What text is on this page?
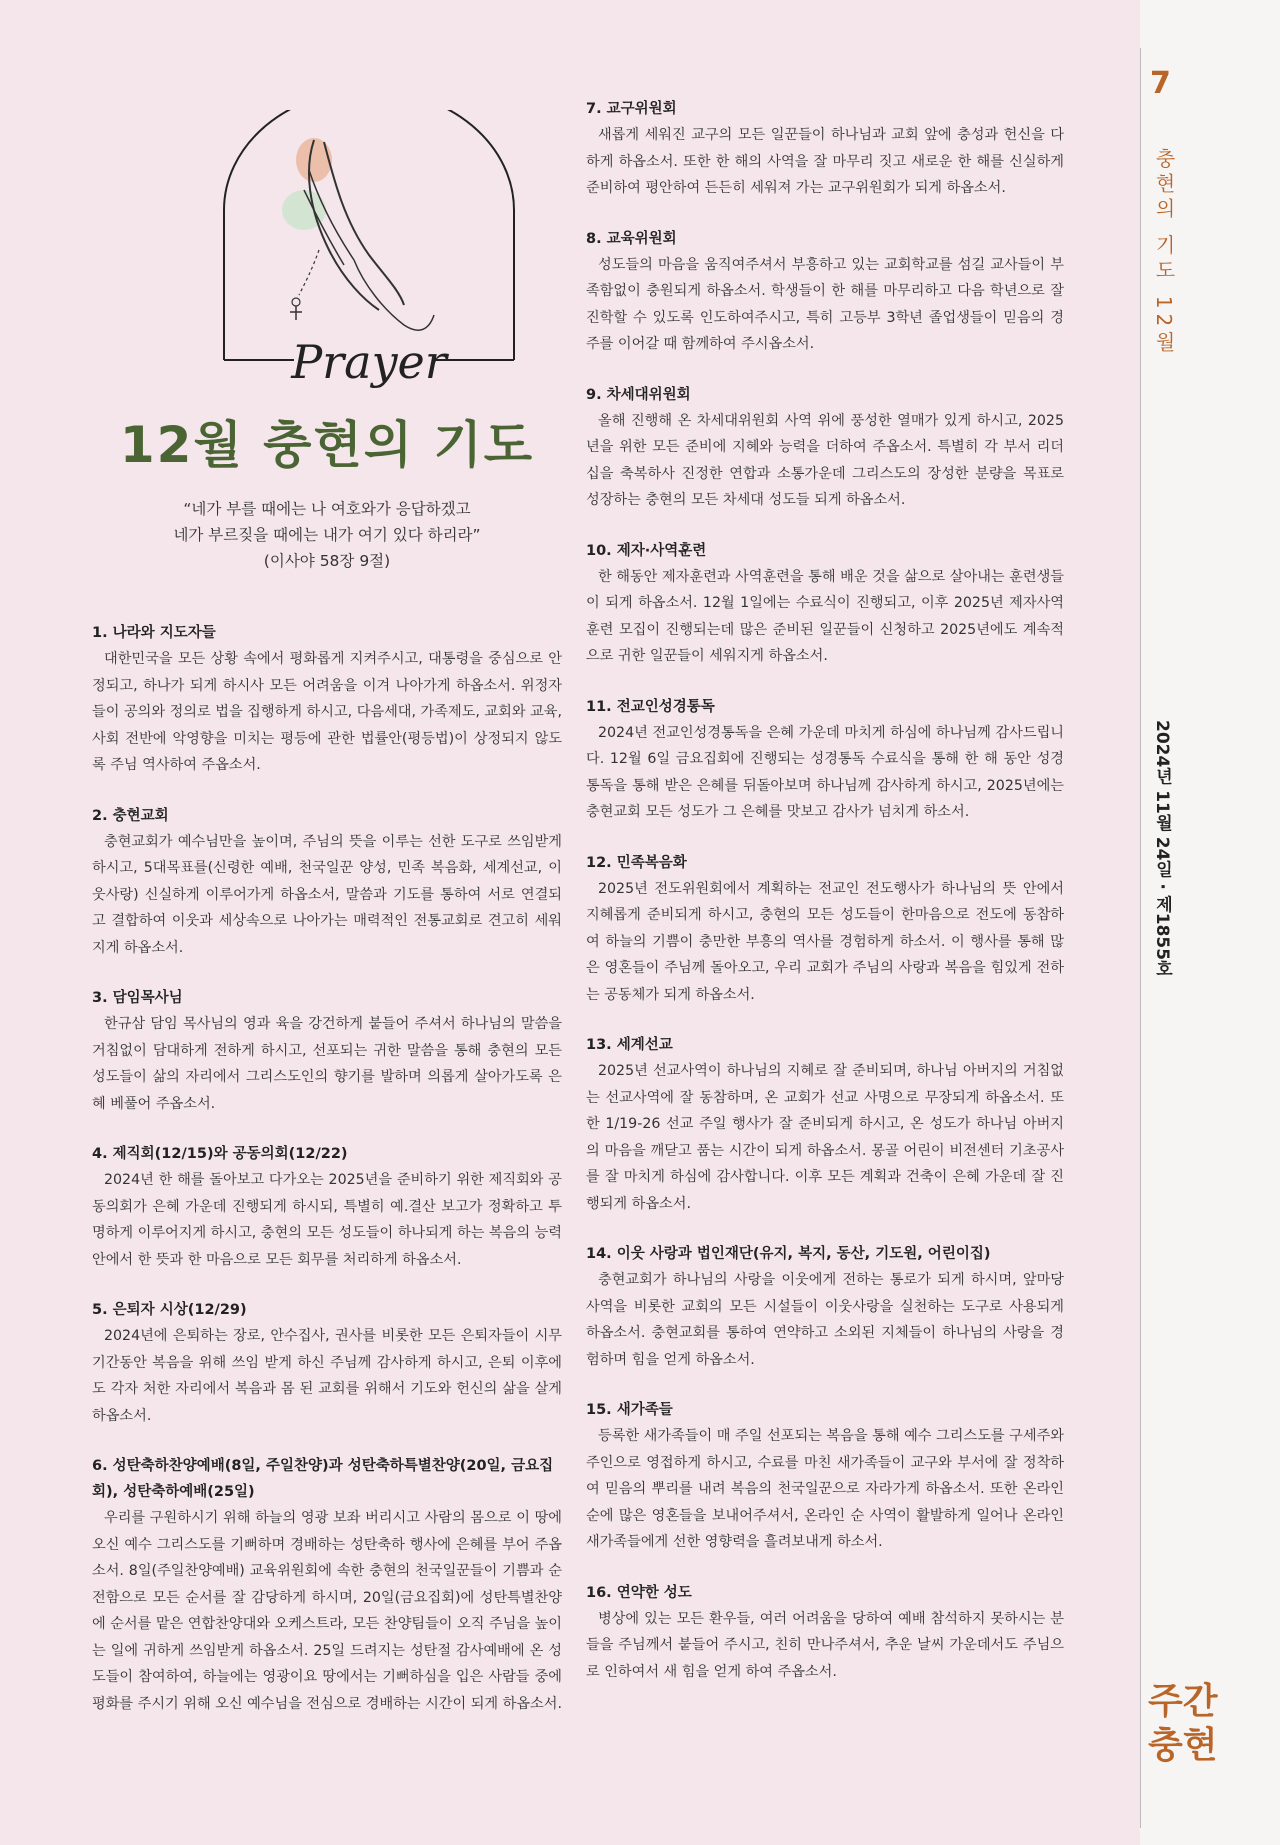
Prayer
12월 충현의 기도
“네가 부를 때에는 나 여호와가 응답하겠고
네가 부르짖을 때에는 내가 여기 있다 하리라”
(이사야 58장 9절)
1. 나라와 지도자들
대한민국을 모든 상황 속에서 평화롭게 지켜주시고, 대통령을 중심으로 안정되고, 하나가 되게 하시사 모든 어려움을 이겨 나아가게 하옵소서. 위정자들이 공의와 정의로 법을 집행하게 하시고, 다음세대, 가족제도, 교회와 교육, 사회 전반에 악영향을 미치는 평등에 관한 법률안(평등법)이 상정되지 않도록 주님 역사하여 주옵소서.
2. 충현교회
충현교회가 예수님만을 높이며, 주님의 뜻을 이루는 선한 도구로 쓰임받게 하시고, 5대목표를(신령한 예배, 천국일꾼 양성, 민족 복음화, 세계선교, 이웃사랑) 신실하게 이루어가게 하옵소서, 말씀과 기도를 통하여 서로 연결되고 결합하여 이웃과 세상속으로 나아가는 매력적인 전통교회로 견고히 세워지게 하옵소서.
3. 담임목사님
한규삼 담임 목사님의 영과 육을 강건하게 붙들어 주셔서 하나님의 말씀을 거침없이 담대하게 전하게 하시고, 선포되는 귀한 말씀을 통해 충현의 모든 성도들이 삶의 자리에서 그리스도인의 향기를 발하며 의롭게 살아가도록 은혜 베풀어 주옵소서.
4. 제직회(12/15)와 공동의회(12/22)
2024년 한 해를 돌아보고 다가오는 2025년을 준비하기 위한 제직회와 공동의회가 은혜 가운데 진행되게 하시되, 특별히 예.결산 보고가 정확하고 투명하게 이루어지게 하시고, 충현의 모든 성도들이 하나되게 하는 복음의 능력 안에서 한 뜻과 한 마음으로 모든 회무를 처리하게 하옵소서.
5. 은퇴자 시상(12/29)
2024년에 은퇴하는 장로, 안수집사, 권사를 비롯한 모든 은퇴자들이 시무기간동안 복음을 위해 쓰임 받게 하신 주님께 감사하게 하시고, 은퇴 이후에도 각자 처한 자리에서 복음과 몸 된 교회를 위해서 기도와 헌신의 삶을 살게 하옵소서.
6. 성탄축하찬양예배(8일, 주일찬양)과 성탄축하특별찬양(20일, 금요집회), 성탄축하예배(25일)
우리를 구원하시기 위해 하늘의 영광 보좌 버리시고 사람의 몸으로 이 땅에 오신 예수 그리스도를 기뻐하며 경배하는 성탄축하 행사에 은혜를 부어 주옵소서. 8일(주일찬양예배) 교육위원회에 속한 충현의 천국일꾼들이 기쁨과 순전함으로 모든 순서를 잘 감당하게 하시며, 20일(금요집회)에 성탄특별찬양에 순서를 맡은 연합찬양대와 오케스트라, 모든 찬양팀들이 오직 주님을 높이는 일에 귀하게 쓰임받게 하옵소서. 25일 드려지는 성탄절 감사예배에 온 성도들이 참여하여, 하늘에는 영광이요 땅에서는 기뻐하심을 입은 사람들 중에 평화를 주시기 위해 오신 예수님을 전심으로 경배하는 시간이 되게 하옵소서.
7. 교구위원회
새롭게 세워진 교구의 모든 일꾼들이 하나님과 교회 앞에 충성과 헌신을 다하게 하옵소서. 또한 한 해의 사역을 잘 마무리 짓고 새로운 한 해를 신실하게 준비하여 평안하여 든든히 세워져 가는 교구위원회가 되게 하옵소서.
8. 교육위원회
성도들의 마음을 움직여주셔서 부흥하고 있는 교회학교를 섬길 교사들이 부족함없이 충원되게 하옵소서. 학생들이 한 해를 마무리하고 다음 학년으로 잘 진학할 수 있도록 인도하여주시고, 특히 고등부 3학년 졸업생들이 믿음의 경주를 이어갈 때 함께하여 주시옵소서.
9. 차세대위원회
올해 진행해 온 차세대위원회 사역 위에 풍성한 열매가 있게 하시고, 2025년을 위한 모든 준비에 지혜와 능력을 더하여 주옵소서. 특별히 각 부서 리더십을 축복하사 진정한 연합과 소통가운데 그리스도의 장성한 분량을 목표로 성장하는 충현의 모든 차세대 성도들 되게 하옵소서.
10. 제자·사역훈련
한 해동안 제자훈련과 사역훈련을 통해 배운 것을 삶으로 살아내는 훈련생들이 되게 하옵소서. 12월 1일에는 수료식이 진행되고, 이후 2025년 제자사역훈련 모집이 진행되는데 많은 준비된 일꾼들이 신청하고 2025년에도 계속적으로 귀한 일꾼들이 세워지게 하옵소서.
11. 전교인성경통독
2024년 전교인성경통독을 은혜 가운데 마치게 하심에 하나님께 감사드립니다. 12월 6일 금요집회에 진행되는 성경통독 수료식을 통해 한 해 동안 성경통독을 통해 받은 은혜를 뒤돌아보며 하나님께 감사하게 하시고, 2025년에는 충현교회 모든 성도가 그 은혜를 맛보고 감사가 넘치게 하소서.
12. 민족복음화
2025년 전도위원회에서 계획하는 전교인 전도행사가 하나님의 뜻 안에서 지혜롭게 준비되게 하시고, 충현의 모든 성도들이 한마음으로 전도에 동참하여 하늘의 기쁨이 충만한 부흥의 역사를 경험하게 하소서. 이 행사를 통해 많은 영혼들이 주님께 돌아오고, 우리 교회가 주님의 사랑과 복음을 힘있게 전하는 공동체가 되게 하옵소서.
13. 세계선교
2025년 선교사역이 하나님의 지혜로 잘 준비되며, 하나님 아버지의 거침없는 선교사역에 잘 동참하며, 온 교회가 선교 사명으로 무장되게 하옵소서. 또한 1/19-26 선교 주일 행사가 잘 준비되게 하시고, 온 성도가 하나님 아버지의 마음을 깨닫고 품는 시간이 되게 하옵소서. 몽골 어린이 비전센터 기초공사를 잘 마치게 하심에 감사합니다. 이후 모든 계획과 건축이 은혜 가운데 잘 진행되게 하옵소서.
14. 이웃 사랑과 법인재단(유지, 복지, 동산, 기도원, 어린이집)
충현교회가 하나님의 사랑을 이웃에게 전하는 통로가 되게 하시며, 앞마당 사역을 비롯한 교회의 모든 시설들이 이웃사랑을 실천하는 도구로 사용되게 하옵소서. 충현교회를 통하여 연약하고 소외된 지체들이 하나님의 사랑을 경험하며 힘을 얻게 하옵소서.
15. 새가족들
등록한 새가족들이 매 주일 선포되는 복음을 통해 예수 그리스도를 구세주와 주인으로 영접하게 하시고, 수료를 마친 새가족들이 교구와 부서에 잘 정착하여 믿음의 뿌리를 내려 복음의 천국일꾼으로 자라가게 하옵소서. 또한 온라인 순에 많은 영혼들을 보내어주셔서, 온라인 순 사역이 활발하게 일어나 온라인 새가족들에게 선한 영향력을 흘려보내게 하소서.
16. 연약한 성도
병상에 있는 모든 환우들, 여러 어려움을 당하여 예배 참석하지 못하시는 분들을 주님께서 붙들어 주시고, 친히 만나주셔서, 추운 날씨 가운데서도 주님으로 인하여서 새 힘을 얻게 하여 주옵소서.
7
충현의 기도 12월
2024년 11월 24일 · 제1855호
주간
충현
